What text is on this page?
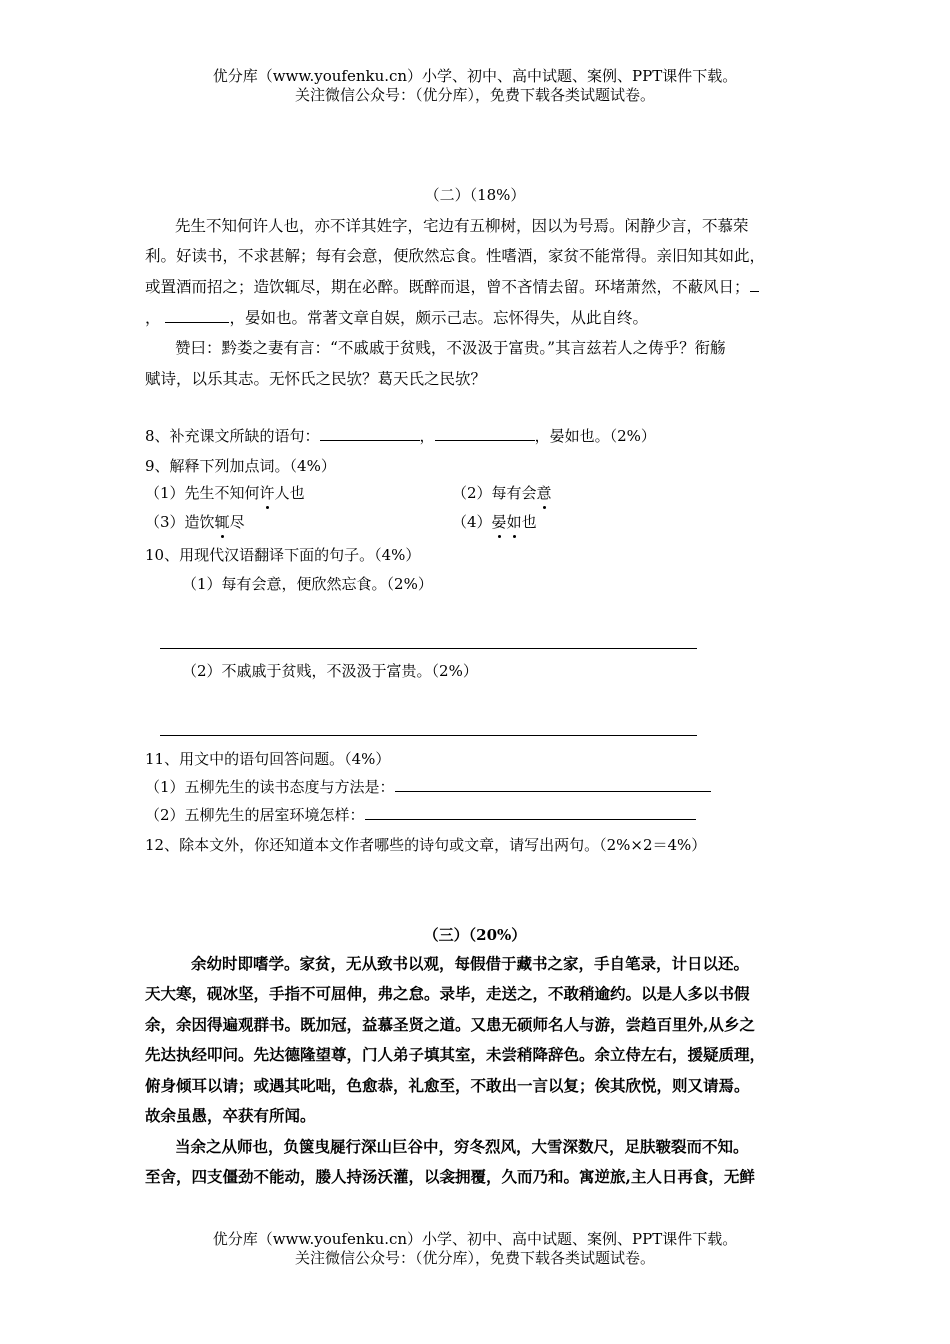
优分库（www.youfenku.cn）小学、初中、高中试题、案例、PPT课件下载。
关注微信公众号：（优分库），免费下载各类试题试卷。
（二）（18%）
先生不知何许人也，亦不详其姓字，宅边有五柳树，因以为号焉。闲静少言，不慕荣
利。好读书，不求甚解；每有会意，便欣然忘食。性嗜酒，家贫不能常得。亲旧知其如此，
或置酒而招之；造饮辄尽，期在必醉。既醉而退，曾不吝情去留。环堵萧然，不蔽风日；
，	，晏如也。常著文章自娱，颇示己志。忘怀得失，从此自终。
赞曰：黔娄之妻有言：“不戚戚于贫贱，不汲汲于富贵。”其言兹若人之俦乎？衔觞
赋诗，以乐其志。无怀氏之民欤？葛天氏之民欤？
8、补充课文所缺的语句：	，	，晏如也。（2%）
9、解释下列加点词。（4%）
（1）先生不知何许人也	（2）每有会意
（3）造饮辄尽	（4）晏如也
10、用现代汉语翻译下面的句子。（4%）
（1）每有会意，便欣然忘食。（2%）
（2）不戚戚于贫贱，不汲汲于富贵。（2%）
11、用文中的语句回答问题。（4%）
（1）五柳先生的读书态度与方法是：
（2）五柳先生的居室环境怎样：
12、除本文外，你还知道本文作者哪些的诗句或文章，请写出两句。（2%×2＝4%）
（三）（20%）
余幼时即嗜学。家贫，无从致书以观，每假借于藏书之家，手自笔录，计日以还。
天大寒，砚冰坚，手指不可屈伸，弗之怠。录毕，走送之，不敢稍逾约。以是人多以书假
余，余因得遍观群书。既加冠，益慕圣贤之道。又患无硕师名人与游，尝趋百里外,从乡之
先达执经叩问。先达德隆望尊，门人弟子填其室，未尝稍降辞色。余立侍左右，援疑质理，
俯身倾耳以请；或遇其叱咄，色愈恭，礼愈至，不敢出一言以复；俟其欣悦，则又请焉。
故余虽愚，卒获有所闻。
当余之从师也，负箧曳屣行深山巨谷中，穷冬烈风，大雪深数尺，足肤皲裂而不知。
至舍，四支僵劲不能动，媵人持汤沃灌，以衾拥覆，久而乃和。寓逆旅,主人日再食，无鲜
优分库（www.youfenku.cn）小学、初中、高中试题、案例、PPT课件下载。
关注微信公众号：（优分库），免费下载各类试题试卷。
